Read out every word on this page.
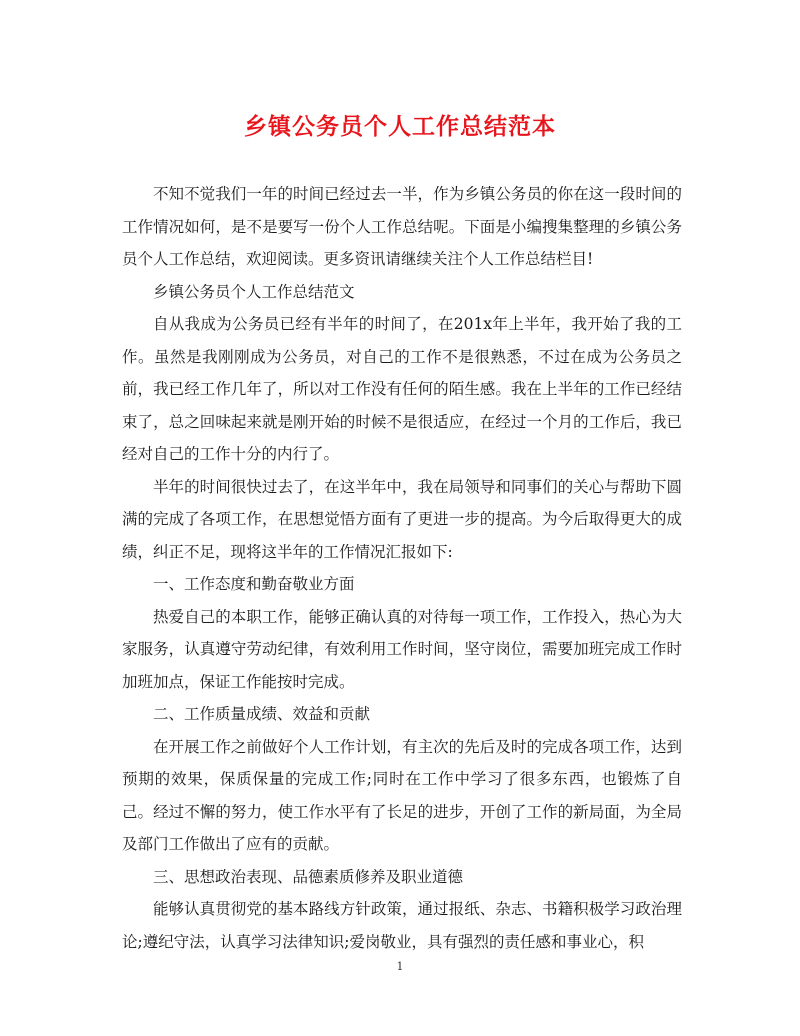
乡镇公务员个人工作总结范本

不知不觉我们一年的时间已经过去一半，作为乡镇公务员的你在这一段时间的工作情况如何，是不是要写一份个人工作总结呢。下面是小编搜集整理的乡镇公务员个人工作总结，欢迎阅读。更多资讯请继续关注个人工作总结栏目!

乡镇公务员个人工作总结范文

自从我成为公务员已经有半年的时间了，在201x年上半年，我开始了我的工作。虽然是我刚刚成为公务员，对自己的工作不是很熟悉，不过在成为公务员之前，我已经工作几年了，所以对工作没有任何的陌生感。我在上半年的工作已经结束了，总之回味起来就是刚开始的时候不是很适应，在经过一个月的工作后，我已经对自己的工作十分的内行了。

半年的时间很快过去了，在这半年中，我在局领导和同事们的关心与帮助下圆满的完成了各项工作，在思想觉悟方面有了更进一步的提高。为今后取得更大的成绩，纠正不足，现将这半年的工作情况汇报如下:

一、工作态度和勤奋敬业方面

热爱自己的本职工作，能够正确认真的对待每一项工作，工作投入，热心为大家服务，认真遵守劳动纪律，有效利用工作时间，坚守岗位，需要加班完成工作时加班加点，保证工作能按时完成。

二、工作质量成绩、效益和贡献

在开展工作之前做好个人工作计划，有主次的先后及时的完成各项工作，达到预期的效果，保质保量的完成工作;同时在工作中学习了很多东西，也锻炼了自己。经过不懈的努力，使工作水平有了长足的进步，开创了工作的新局面，为全局及部门工作做出了应有的贡献。

三、思想政治表现、品德素质修养及职业道德

能够认真贯彻党的基本路线方针政策，通过报纸、杂志、书籍积极学习政治理论;遵纪守法，认真学习法律知识;爱岗敬业，具有强烈的责任感和事业心，积

1
